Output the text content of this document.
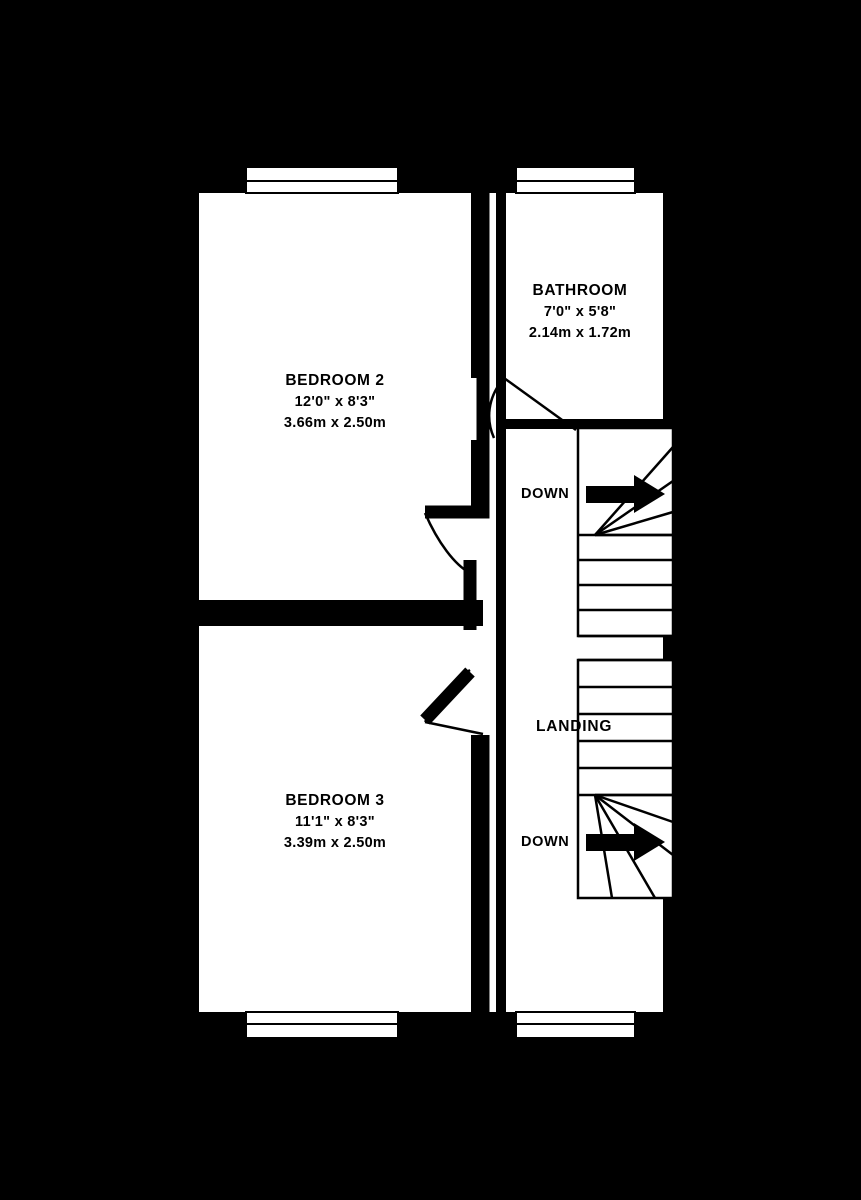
BEDROOM 2
12'0" x 8'3"
3.66m x 2.50m
BEDROOM 3
11'1" x 8'3"
3.39m x 2.50m
BATHROOM
7'0" x 5'8"
2.14m x 1.72m
LANDING
DOWN
DOWN
